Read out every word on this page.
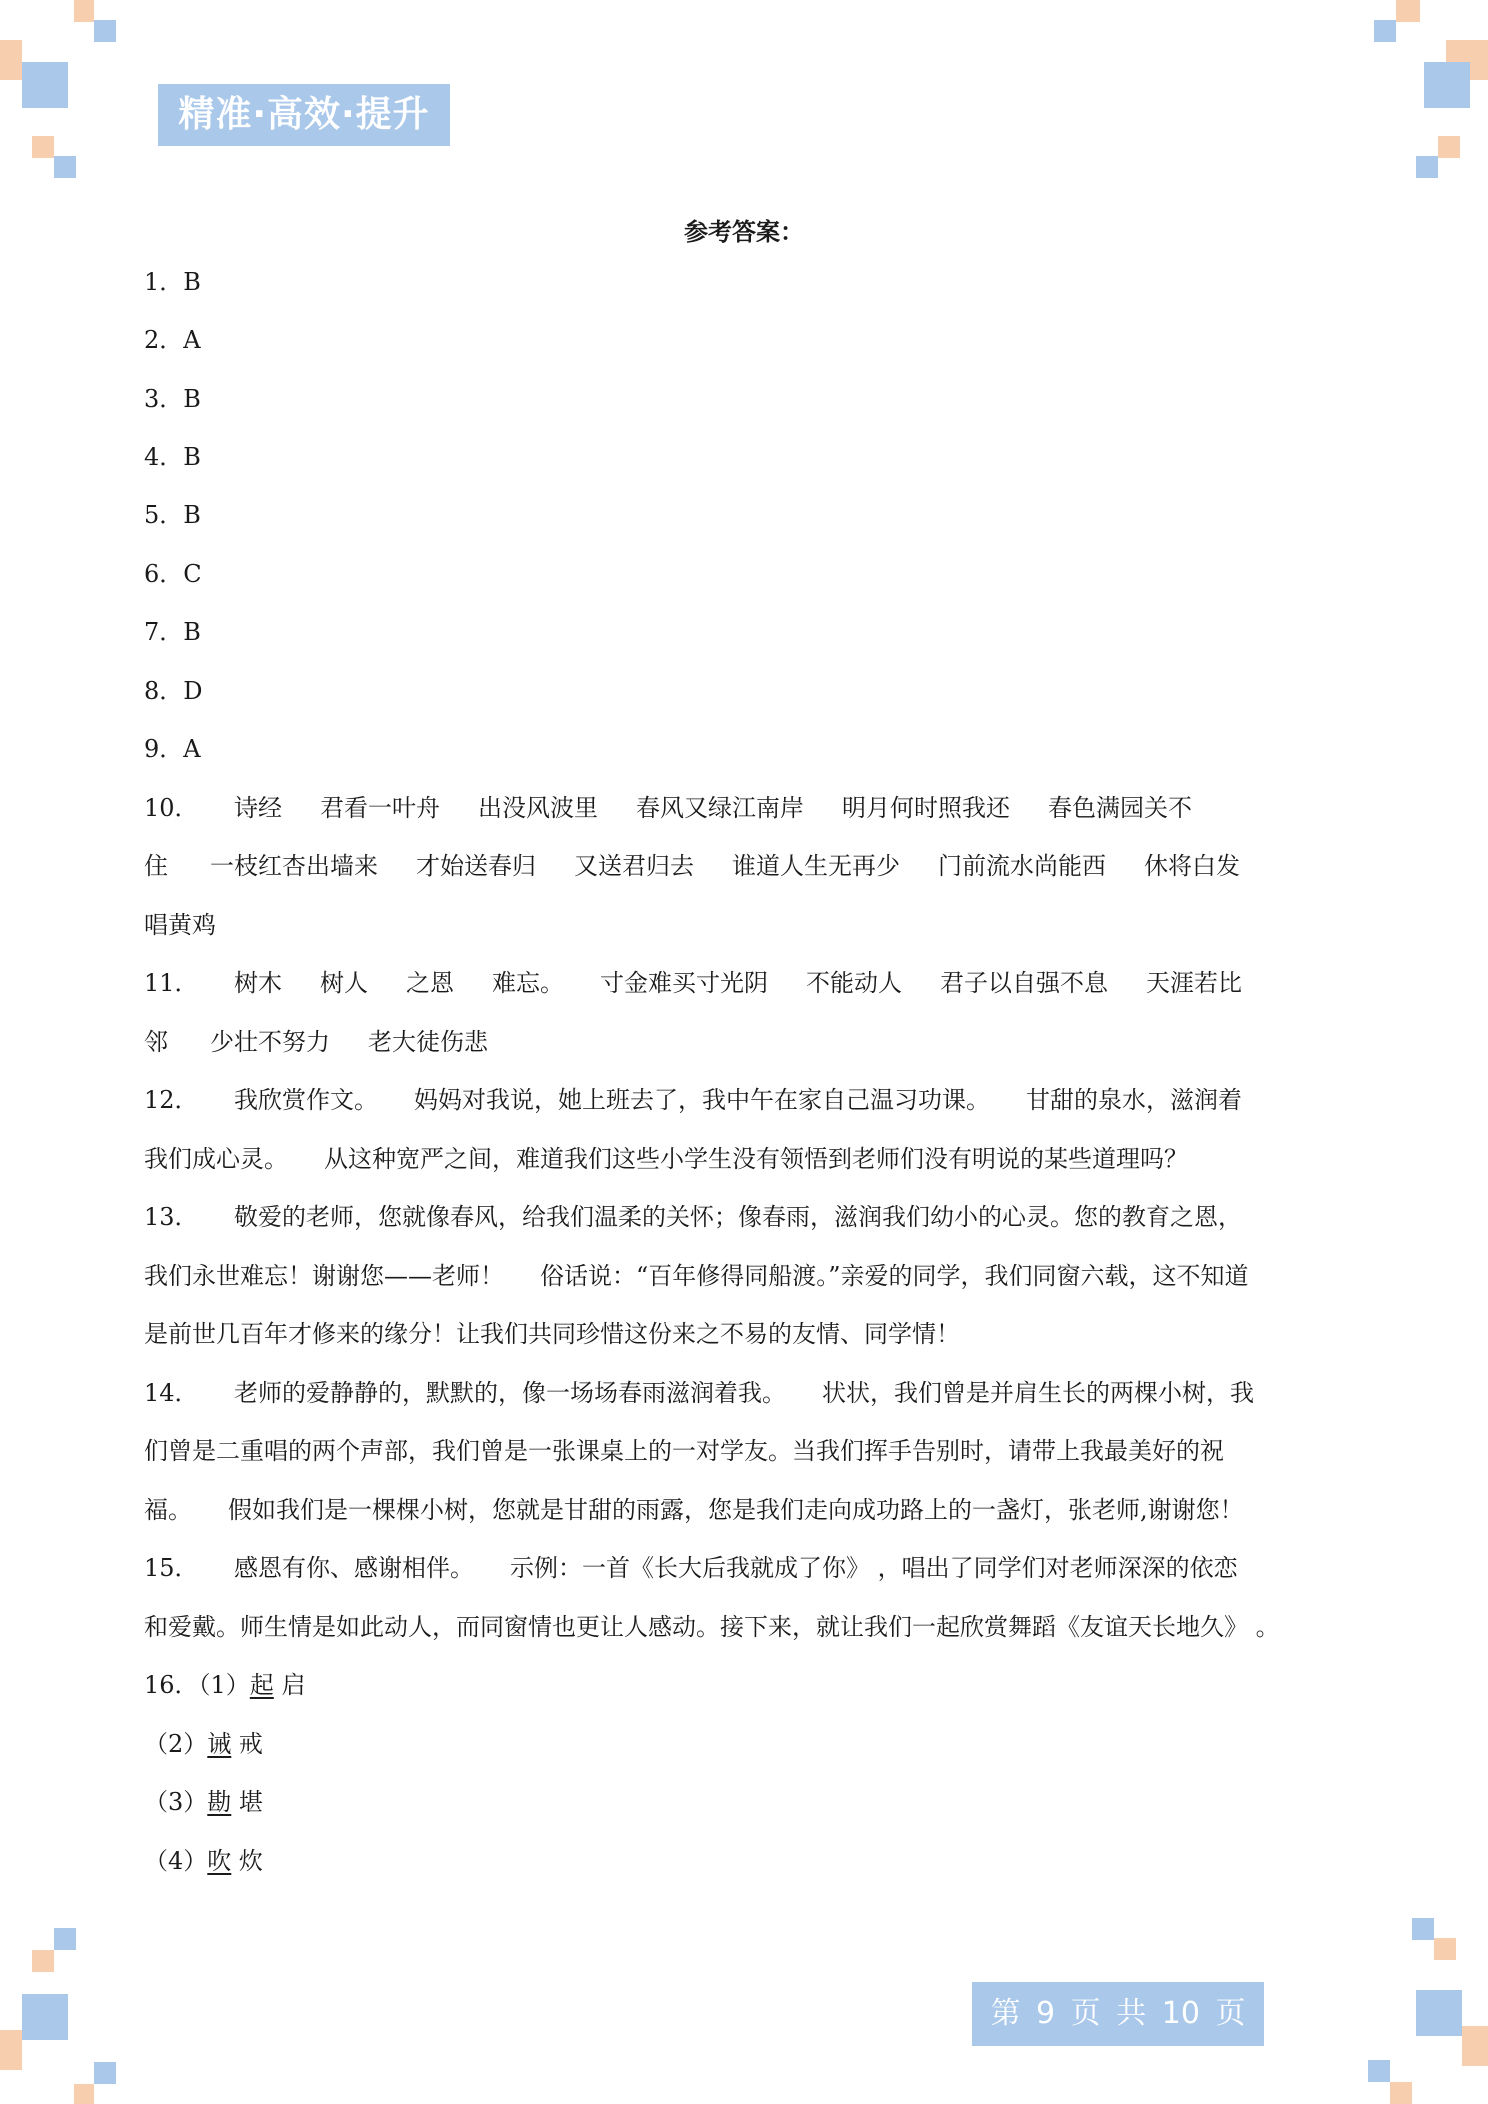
精准·高效·提升
参考答案：
1．B
2．A
3．B
4．B
5．B
6．C
7．B
8．D
9．A
10． 诗经 君看一叶舟 出没风波里 春风又绿江南岸 明月何时照我还 春色满园关不
住 一枝红杏出墙来 才始送春归 又送君归去 谁道人生无再少 门前流水尚能西 休将白发
唱黄鸡
11． 树木 树人 之恩 难忘。 寸金难买寸光阴 不能动人 君子以自强不息 天涯若比
邻 少壮不努力 老大徒伤悲
12． 我欣赏作文。 妈妈对我说，她上班去了，我中午在家自己温习功课。 甘甜的泉水，滋润着
我们成心灵。 从这种宽严之间，难道我们这些小学生没有领悟到老师们没有明说的某些道理吗？
13． 敬爱的老师，您就像春风，给我们温柔的关怀；像春雨，滋润我们幼小的心灵。您的教育之恩，
我们永世难忘！谢谢您——老师！ 俗话说：“百年修得同船渡。”亲爱的同学，我们同窗六载，这不知道
是前世几百年才修来的缘分！让我们共同珍惜这份来之不易的友情、同学情！
14． 老师的爱静静的，默默的，像一场场春雨滋润着我。 状状，我们曾是并肩生长的两棵小树，我
们曾是二重唱的两个声部，我们曾是一张课桌上的一对学友。当我们挥手告别时，请带上我最美好的祝
福。 假如我们是一棵棵小树，您就是甘甜的雨露，您是我们走向成功路上的一盏灯，张老师,谢谢您！
15． 感恩有你、感谢相伴。 示例：一首《长大后我就成了你》 ，唱出了同学们对老师深深的依恋
和爱戴。师生情是如此动人，而同窗情也更让人感动。接下来，就让我们一起欣赏舞蹈《友谊天长地久》 。
16．（1）起 启
（2）诫 戒
（3）勘 堪
（4）吹 炊
第 9 页 共 10 页
